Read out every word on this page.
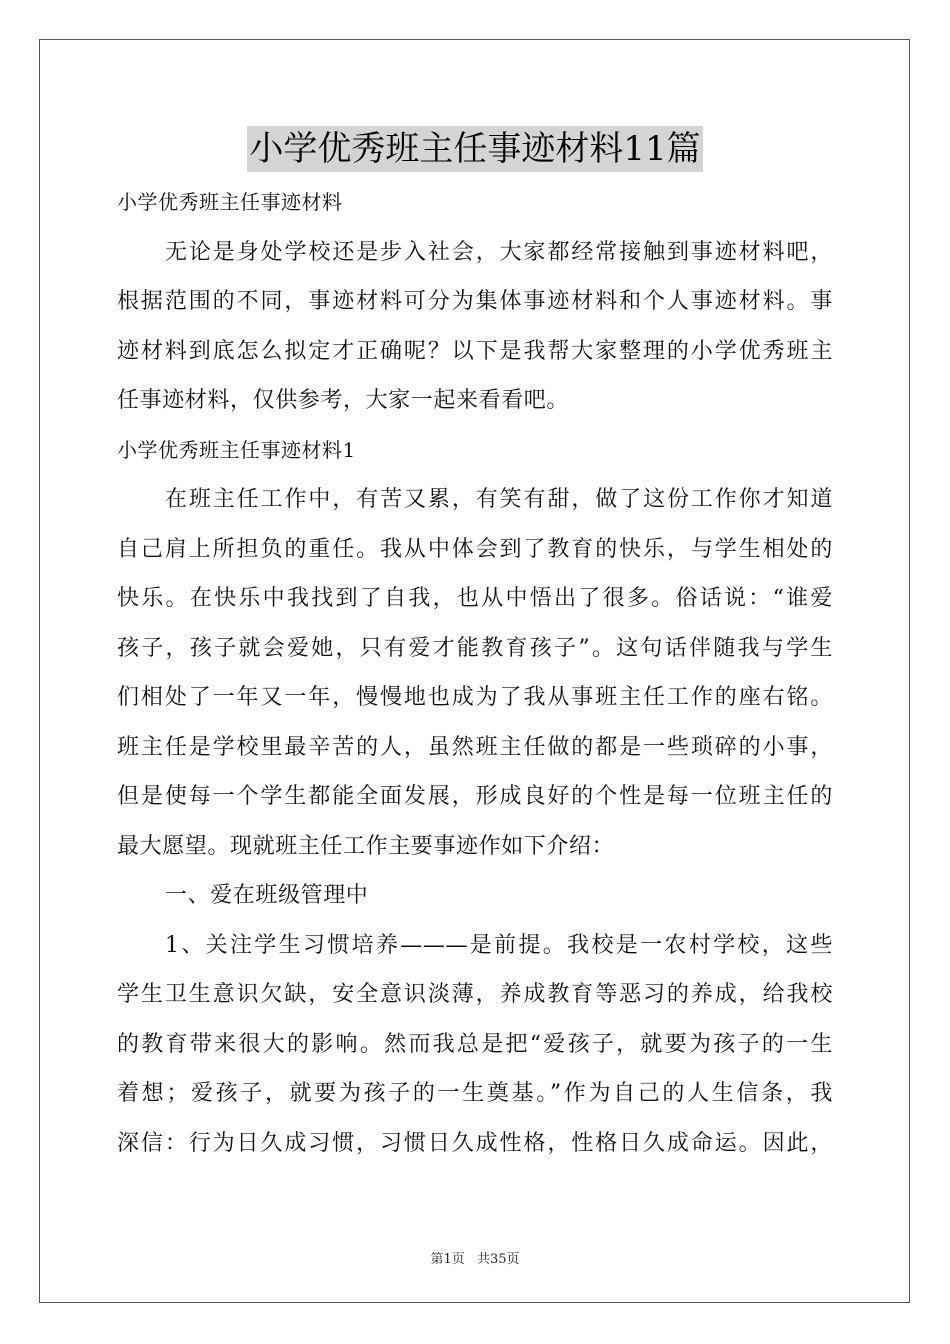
小学优秀班主任事迹材料11篇
小学优秀班主任事迹材料
无论是身处学校还是步入社会，大家都经常接触到事迹材料吧，
根据范围的不同，事迹材料可分为集体事迹材料和个人事迹材料。事
迹材料到底怎么拟定才正确呢？以下是我帮大家整理的小学优秀班主
任事迹材料，仅供参考，大家一起来看看吧。
小学优秀班主任事迹材料1
在班主任工作中，有苦又累，有笑有甜，做了这份工作你才知道
自己肩上所担负的重任。我从中体会到了教育的快乐，与学生相处的
快乐。在快乐中我找到了自我，也从中悟出了很多。俗话说：“谁爱
孩子，孩子就会爱她，只有爱才能教育孩子”。这句话伴随我与学生
们相处了一年又一年，慢慢地也成为了我从事班主任工作的座右铭。
班主任是学校里最辛苦的人，虽然班主任做的都是一些琐碎的小事，
但是使每一个学生都能全面发展，形成良好的个性是每一位班主任的
最大愿望。现就班主任工作主要事迹作如下介绍：
一、爱在班级管理中
1、关注学生习惯培养———是前提。我校是一农村学校，这些
学生卫生意识欠缺，安全意识淡薄，养成教育等恶习的养成，给我校
的教育带来很大的影响。然而我总是把“爱孩子，就要为孩子的一生
着想；爱孩子，就要为孩子的一生奠基。”作为自己的人生信条，我
深信：行为日久成习惯，习惯日久成性格，性格日久成命运。因此，
第1页 共35页
